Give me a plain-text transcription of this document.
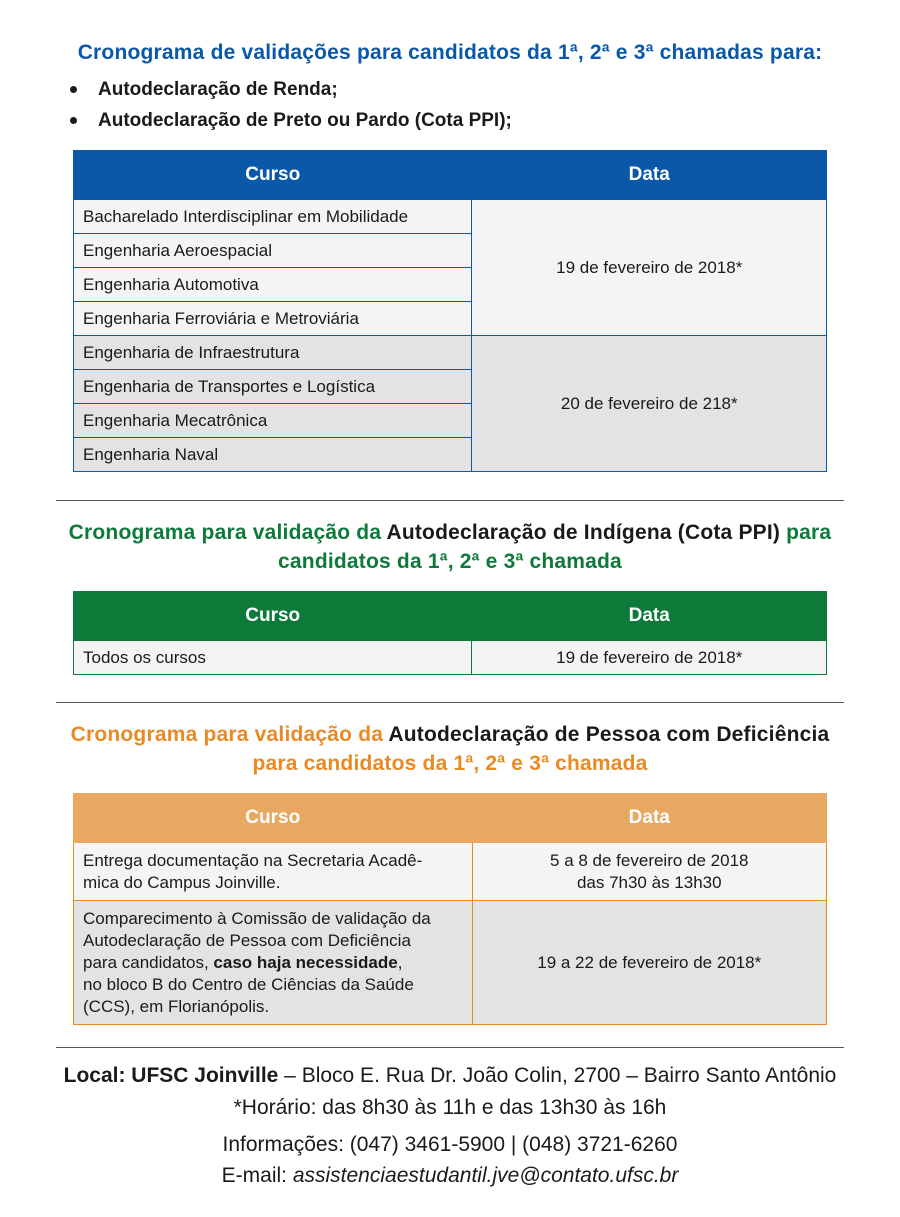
Cronograma de validações para candidatos da 1ª, 2ª e 3ª chamadas para:
Autodeclaração de Renda;
Autodeclaração de Preto ou Pardo (Cota PPI);
Curso	Data
Bacharelado Interdisciplinar em Mobilidade	19 de fevereiro de 2018*
Engenharia Aeroespacial	
Engenharia Automotiva	
Engenharia Ferroviária e Metroviária	
Engenharia de Infraestrutura	20 de fevereiro de 218*
Engenharia de Transportes e Logística	
Engenharia Mecatrônica	
Engenharia Naval	
Cronograma para validação da Autodeclaração de Indígena (Cota PPI) para
candidatos da 1ª, 2ª e 3ª chamada
Curso	Data
Todos os cursos	19 de fevereiro de 2018*
Cronograma para validação da Autodeclaração de Pessoa com Deficiência
para candidatos da 1ª, 2ª e 3ª chamada
Curso	Data
Entrega documentação na Secretaria Acadê-
mica do Campus Joinville.	5 a 8 de fevereiro de 2018
das 7h30 às 13h30
Comparecimento à Comissão de validação da
Autodeclaração de Pessoa com Deficiência
para candidatos, caso haja necessidade,
no bloco B do Centro de Ciências da Saúde
(CCS), em Florianópolis.	19 a 22 de fevereiro de 2018*
Local: UFSC Joinville – Bloco E. Rua Dr. João Colin, 2700 – Bairro Santo Antônio
*Horário: das 8h30 às 11h e das 13h30 às 16h
Informações: (047) 3461-5900 | (048) 3721-6260
E-mail: assistenciaestudantil.jve@contato.ufsc.br
